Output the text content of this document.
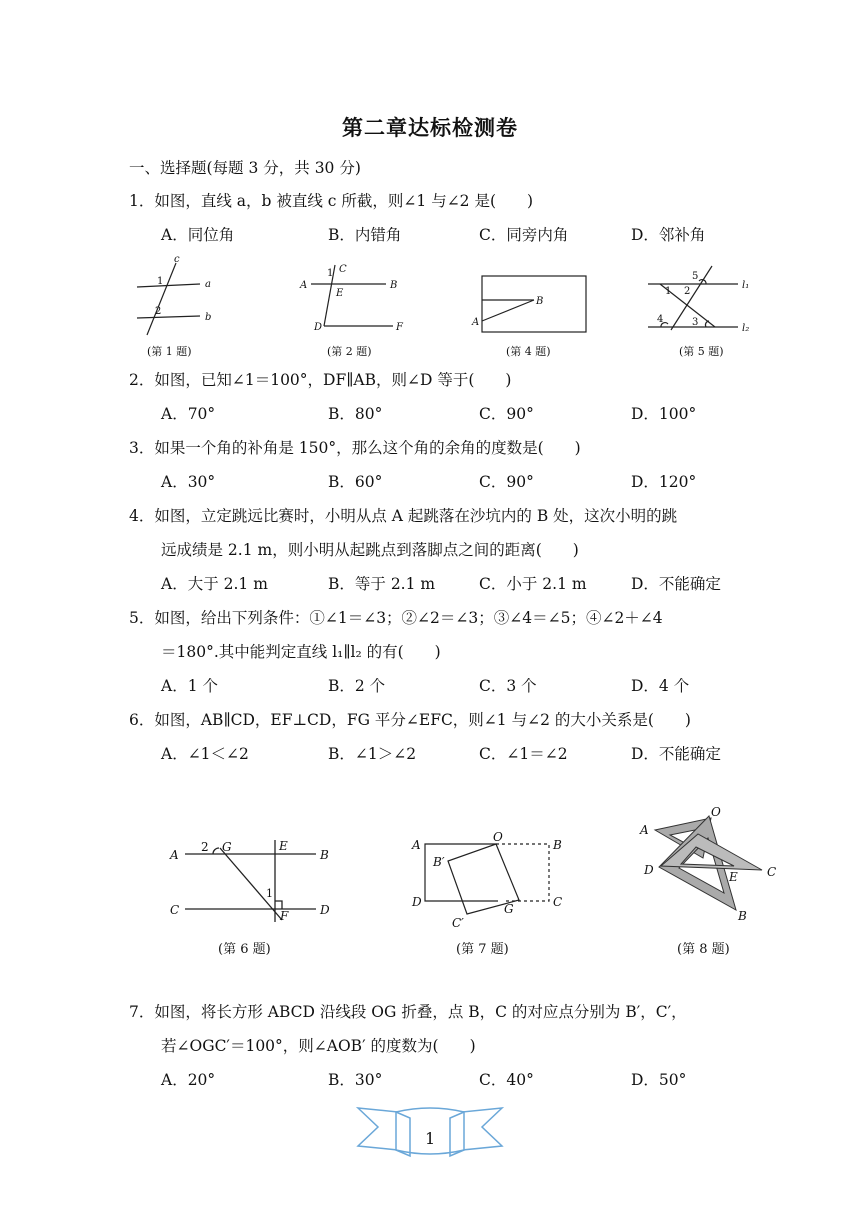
第二章达标检测卷
一、选择题(每题 3 分，共 30 分)
1．如图，直线 a，b 被直线 c 所截，则∠1 与∠2 是(　　)
A．同位角	B．内错角	C．同旁内角	D．邻补角
c
a
b
1
2
(第 1 题)
1 C
A
E
B
D	F
(第 2 题)
A
B
(第 4 题)
5
1 2
l₁
4	3
l₂
(第 5 题)
2．如图，已知∠1＝100°，DF∥AB，则∠D 等于(　　)
A．70°	B．80°	C．90°	D．100°
3．如果一个角的补角是 150°，那么这个角的余角的度数是(　　)
A．30°	B．60°	C．90°	D．120°
4．如图，立定跳远比赛时，小明从点 A 起跳落在沙坑内的 B 处，这次小明的跳
远成绩是 2.1 m，则小明从起跳点到落脚点之间的距离(　　)
A．大于 2.1 m	B．等于 2.1 m	C．小于 2.1 m	D．不能确定
5．如图，给出下列条件：①∠1＝∠3；②∠2＝∠3；③∠4＝∠5；④∠2＋∠4
＝180°.其中能判定直线 l₁∥l₂ 的有(　　)
A．1 个	B．2 个	C．3 个	D．4 个
6．如图，AB∥CD，EF⊥CD，FG 平分∠EFC，则∠1 与∠2 的大小关系是(　　)
A．∠1＜∠2	B．∠1＞∠2	C．∠1＝∠2	D．不能确定
2 G	E
A	B
1
C	F	D
(第 6 题)
A
O
B
B′
D	G	C
C′
(第 7 题)
O
A
D	E C
B
(第 8 题)
7．如图，将长方形 ABCD 沿线段 OG 折叠，点 B，C 的对应点分别为 B′，C′，
若∠OGC′＝100°，则∠AOB′ 的度数为(　　)
A．20°	B．30°	C．40°	D．50°
1
